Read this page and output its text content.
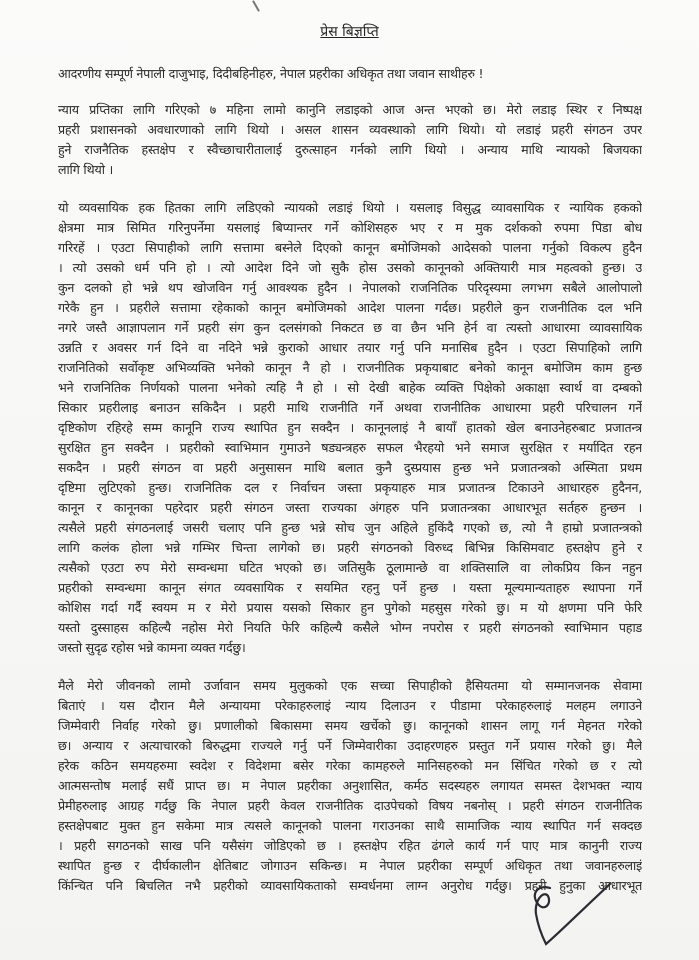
प्रेस बिज्ञप्ति
आदरणीय सम्पूर्ण नेपाली दाजुभाइ, दिदीबहिनीहरु, नेपाल प्रहरीका अधिकृत तथा जवान साथीहरु !
न्याय प्रप्तिका लागि गरिएको ७ महिना लामो कानुनि लडाइको आज अन्त भएको छ। मेरो लडाइ स्थिर र निष्पक्ष
प्रहरी प्रशासनको अवधारणाको लागि थियो । असल शासन व्यवस्थाको लागि थियो। यो लडाइं प्रहरी संगठन उपर
हुने राजनैतिक हस्तक्षेप र स्वैच्छाचारीतालाई दुरुत्साहन गर्नको लागि थियो । अन्याय माथि न्यायको बिजयका
लागि थियो ।
यो व्यवसायिक हक हितका लागि लडिएको न्यायको लडाइं थियो । यसलाइ विसुद्ध व्यावसायिक र न्यायिक हकको
क्षेत्रमा मात्र सिमित गरिनुपर्नेमा यसलाइं बिप्यान्तर गर्ने कोशिसहरु भए र म मुक दर्शकको रुपमा पिडा बोध
गरिरहें । एउटा सिपाहीको लागि सत्तामा बस्नेले दिएको कानून बमोजिमको आदेसको पालना गर्नुको विकल्प हुदैन
। त्यो उसको धर्म पनि हो । त्यो आदेश दिने जो सुकै होस उसको कानूनको अक्तियारी मात्र महत्वको हुन्छ। उ
कुन दलको हो भन्ने थप खोजविन गर्नु आवश्यक हुदैन । नेपालको राजनितिक परिदृस्यमा लगभग सबैले आलोपालो
गरेकै हुन । प्रहरीले सत्तामा रहेकाको कानून बमोजिमको आदेश पालना गर्दछ। प्रहरीले कुन राजनीतिक दल भनि
नगरे जस्तै आज्ञापलान गर्ने प्रहरी संग कुन दलसंगको निकटत छ वा छैन भनि हेर्न वा त्यस्तो आधारमा व्यावसायिक
उन्नति र अवसर गर्न दिने वा नदिने भन्ने कुराको आधार तयार गर्नु पनि मनासिब हुदैन । एउटा सिपाहिको लागि
राजनितिको सर्वोकृष्ट अभिव्यक्ति भनेको कानून नै हो । राजनीतिक प्रकृयाबाट बनेको कानून बमोजिम काम हुन्छ
भने राजनितिक निर्णयको पालना भनेको त्यहि नै हो । सो देखी बाहेक व्यक्ति पिक्षेको अकाक्षा स्वार्थ वा दम्बको
सिकार प्रहरीलाइ बनाउन सकिदैन । प्रहरी माथि राजनीति गर्ने अथवा राजनीतिक आधारमा प्रहरी परिचालन गर्ने
दृष्टिकोण रहिरहे सम्म कानूनि राज्य स्थापित हुन सक्दैन । कानूनलाइं नै बायाँ हातको खेल बनाउनेहरुबाट प्रजातन्त्र
सुरक्षित हुन सक्दैन । प्रहरीको स्वाभिमान गुमाउने षड्यन्त्रहरु सफल भैरहयो भने समाज सुरक्षित र मर्यादित रहन
सकदैन । प्रहरी संगठन वा प्रहरी अनुसासन माथि बलात कुनै दुस्प्रयास हुन्छ भने प्रजातन्त्रको अस्मिता प्रथम
दृष्टिमा लुटिएको हुन्छ। राजनितिक दल र निर्वाचन जस्ता प्रकृयाहरु मात्र प्रजातन्त्र टिकाउने आधारहरु हुदैनन,
कानून र कानूनका पहरेदार प्रहरी संगठन जस्ता राज्यका अंगहरु पनि प्रजातन्त्रका आधारभूत सर्तहरु हुन्छन ।
त्यसैले प्रहरी संगठनलाई जसरी चलाए पनि हुन्छ भन्ने सोच जुन अहिले हुकिंदै गएको छ, त्यो नै हाम्रो प्रजातन्त्रको
लागि कलंक होला भन्ने गम्भिर चिन्ता लागेको छ। प्रहरी संगठनको विरुध्द बिभिन्न किसिमवाट हस्तक्षेप हुने र
त्यसैको एउटा रुप मेरो सम्वन्धमा घटित भएको छ। जतिसुकै ठूलामान्छे वा शक्तिसालि वा लोकप्रिय किन नहुन
प्रहरीको सम्वन्धमा कानून संगत व्यवसायिक र सयमित रहनु पर्ने हुन्छ । यस्ता मूल्यमान्यताहरु स्थापना गर्ने
कोशिस गर्दा गर्दै स्वयम म र मेरो प्रयास यसको सिकार हुन पुगेको महसुस गरेको छु। म यो क्षणमा पनि फेरि
यस्तो दुस्साहस कहिल्यै नहोस मेरो नियति फेरि कहिल्यै कसैले भोग्न नपरोस र प्रहरी संगठनको स्वाभिमान पहाड
जस्तो सुदृढ रहोस भन्ने कामना व्यक्त गर्दछु।
मैले मेरो जीवनको लामो उर्जावान समय मुलुकको एक सच्चा सिपाहीको हैसियतमा यो सम्मानजनक सेवामा
बिताएं । यस दौरान मैले अन्यायमा परेकाहरुलाइं न्याय दिलाउन र पीडामा परेकाहरुलाइं मलहम लगाउने
जिम्मेवारी निर्वाह गरेको छु। प्रणालीको बिकासमा समय खर्चेको छु। कानूनको शासन लागू गर्न मेहनत गरेको
छ। अन्याय र अत्याचारको बिरुद्धमा राज्यले गर्नु पर्ने जिम्मेवारीका उदाहरणहरु प्रस्तुत गर्ने प्रयास गरेको छु। मैले
हरेक कठिन समयहरुमा स्वदेश र विदेशमा बसेर गरेका कामहरुले मानिसहरुको मन सिंचित गरेको छ र त्यो
आत्मसन्तोष मलाई सधैं प्राप्त छ। म नेपाल प्रहरीका अनुशासित, कर्मठ सदस्यहरु लगायत समस्त देशभक्त न्याय
प्रेमीहरुलाइ आग्रह गर्दछु कि नेपाल प्रहरी केवल राजनीतिक दाउपेचको विषय नबनोस् । प्रहरी संगठन राजनीतिक
हस्तक्षेपबाट मुक्त हुन सकेमा मात्र त्यसले कानूनको पालना गराउनका साथै सामाजिक न्याय स्थापित गर्न सक्दछ
। प्रहरी सगठनको साख पनि यसैसंग जोडिएको छ । हस्तक्षेप रहित ढंगले कार्य गर्न पाए मात्र कानुनी राज्य
स्थापित हुन्छ र दीर्घकालीन क्षेतिबाट जोगाउन सकिन्छ। म नेपाल प्रहरीका सम्पूर्ण अधिकृत तथा जवानहरुलाइं
किंन्चित पनि बिचलित नभै प्रहरीको व्यावसायिकताको सम्वर्धनमा लाग्न अनुरोध गर्दछु। प्रहरी हुनुका आधारभूत
